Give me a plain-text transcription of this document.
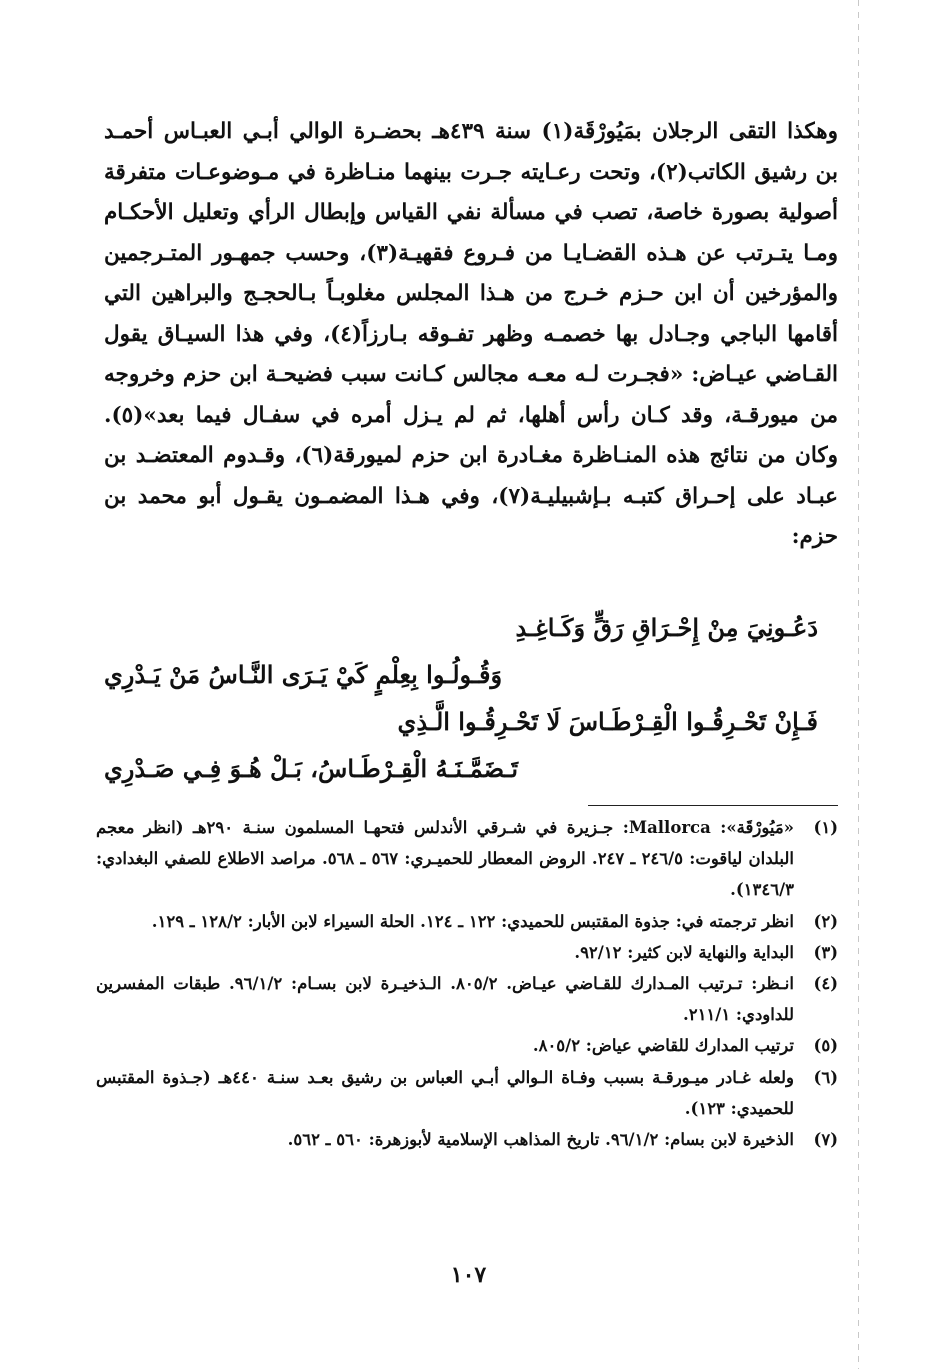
وهكذا التقى الرجلان بمَيُورْقَة(١) سنة ٤٣٩هـ بحضـرة الوالي أبـي العبـاس أحمـد بن رشيق الكاتب(٢)، وتحت رعـايته جـرت بينهما منـاظرة في مـوضوعـات متفرقة أصولية بصورة خاصة، تصب في مسألة نفي القياس وإبطال الرأي وتعليل الأحكـام ومـا يتـرتب عن هـذه القضـايـا من فـروع فقهيـة(٣)، وحسب جمهـور المتـرجمين والمؤرخين أن ابن حـزم خـرج من هـذا المجلس مغلوبـاً بـالحجـج والبراهين التي أقامها الباجي وجـادل بها خصمـه وظهر تفـوقه بـارزاً(٤)، وفي هذا السيـاق يقول القـاضي عيـاض: «فجـرت لـه معـه مجالس كـانت سبب فضيحـة ابن حزم وخروجه من ميورقـة، وقد كـان رأس أهلها، ثم لم يـزل أمره في سفـال فيما بعد»(٥). وكان من نتائج هذه المنـاظرة مغـادرة ابن حزم لميورقة(٦)، وقـدوم المعتضـد بن عبـاد على إحـراق كتبـه بـإشبيليـة(٧)، وفي هـذا المضمـون يقـول أبو محمد بن حزم:

دَعُـونِيَ مِنْ إِحْـرَاقِ رَقٍّ وَكَـاغِـدِ
وَقُـولُـوا بِعِلْمٍ كَيْ يَـرَى النَّـاسُ مَنْ يَـدْرِي
فَـإِنْ تَحْـرِقُـوا الْقِـرْطَـاسَ لَا تَحْـرِقُـوا الَّـذِي
تَـضَمَّـنَـهُ الْقِـرْطَـاسُ، بَـلْ هُـوَ فِـي صَـدْرِي
(١)
«مَيُورْقَة»: Mallorca: جـزيرة في شـرقي الأندلس فتحهـا المسلمون سنـة ٢٩٠هـ (انظر معجم البلدان لياقوت: ٢٤٦/٥ ـ ٢٤٧. الروض المعطار للحميـري: ٥٦٧ ـ ٥٦٨. مراصد الاطلاع للصفي البغدادي: ١٣٤٦/٣).
(٢)
انظر ترجمته في: جذوة المقتبس للحميدي: ١٢٢ ـ ١٢٤. الحلة السيراء لابن الأبار: ١٢٨/٢ ـ ١٢٩.
(٣)
البداية والنهاية لابن كثير: ٩٢/١٢.
(٤)
انـظر: تـرتيب المـدارك للقـاضي عيـاض. ٨٠٥/٢. الـذخيـرة لابن بسـام: ٩٦/١/٢. طبقات المفسرين للداودي: ٢١١/١.
(٥)
ترتيب المدارك للقاضي عياض: ٨٠٥/٢.
(٦)
ولعله غـادر ميـورقـة بسبب وفـاة الـوالي أبـي العباس بن رشيق بعـد سنـة ٤٤٠هـ (جـذوة المقتبس للحميدي: ١٢٣).
(٧)
الذخيرة لابن بسام: ٩٦/١/٢. تاريخ المذاهب الإسلامية لأبوزهرة: ٥٦٠ ـ ٥٦٢.
١٠٧
